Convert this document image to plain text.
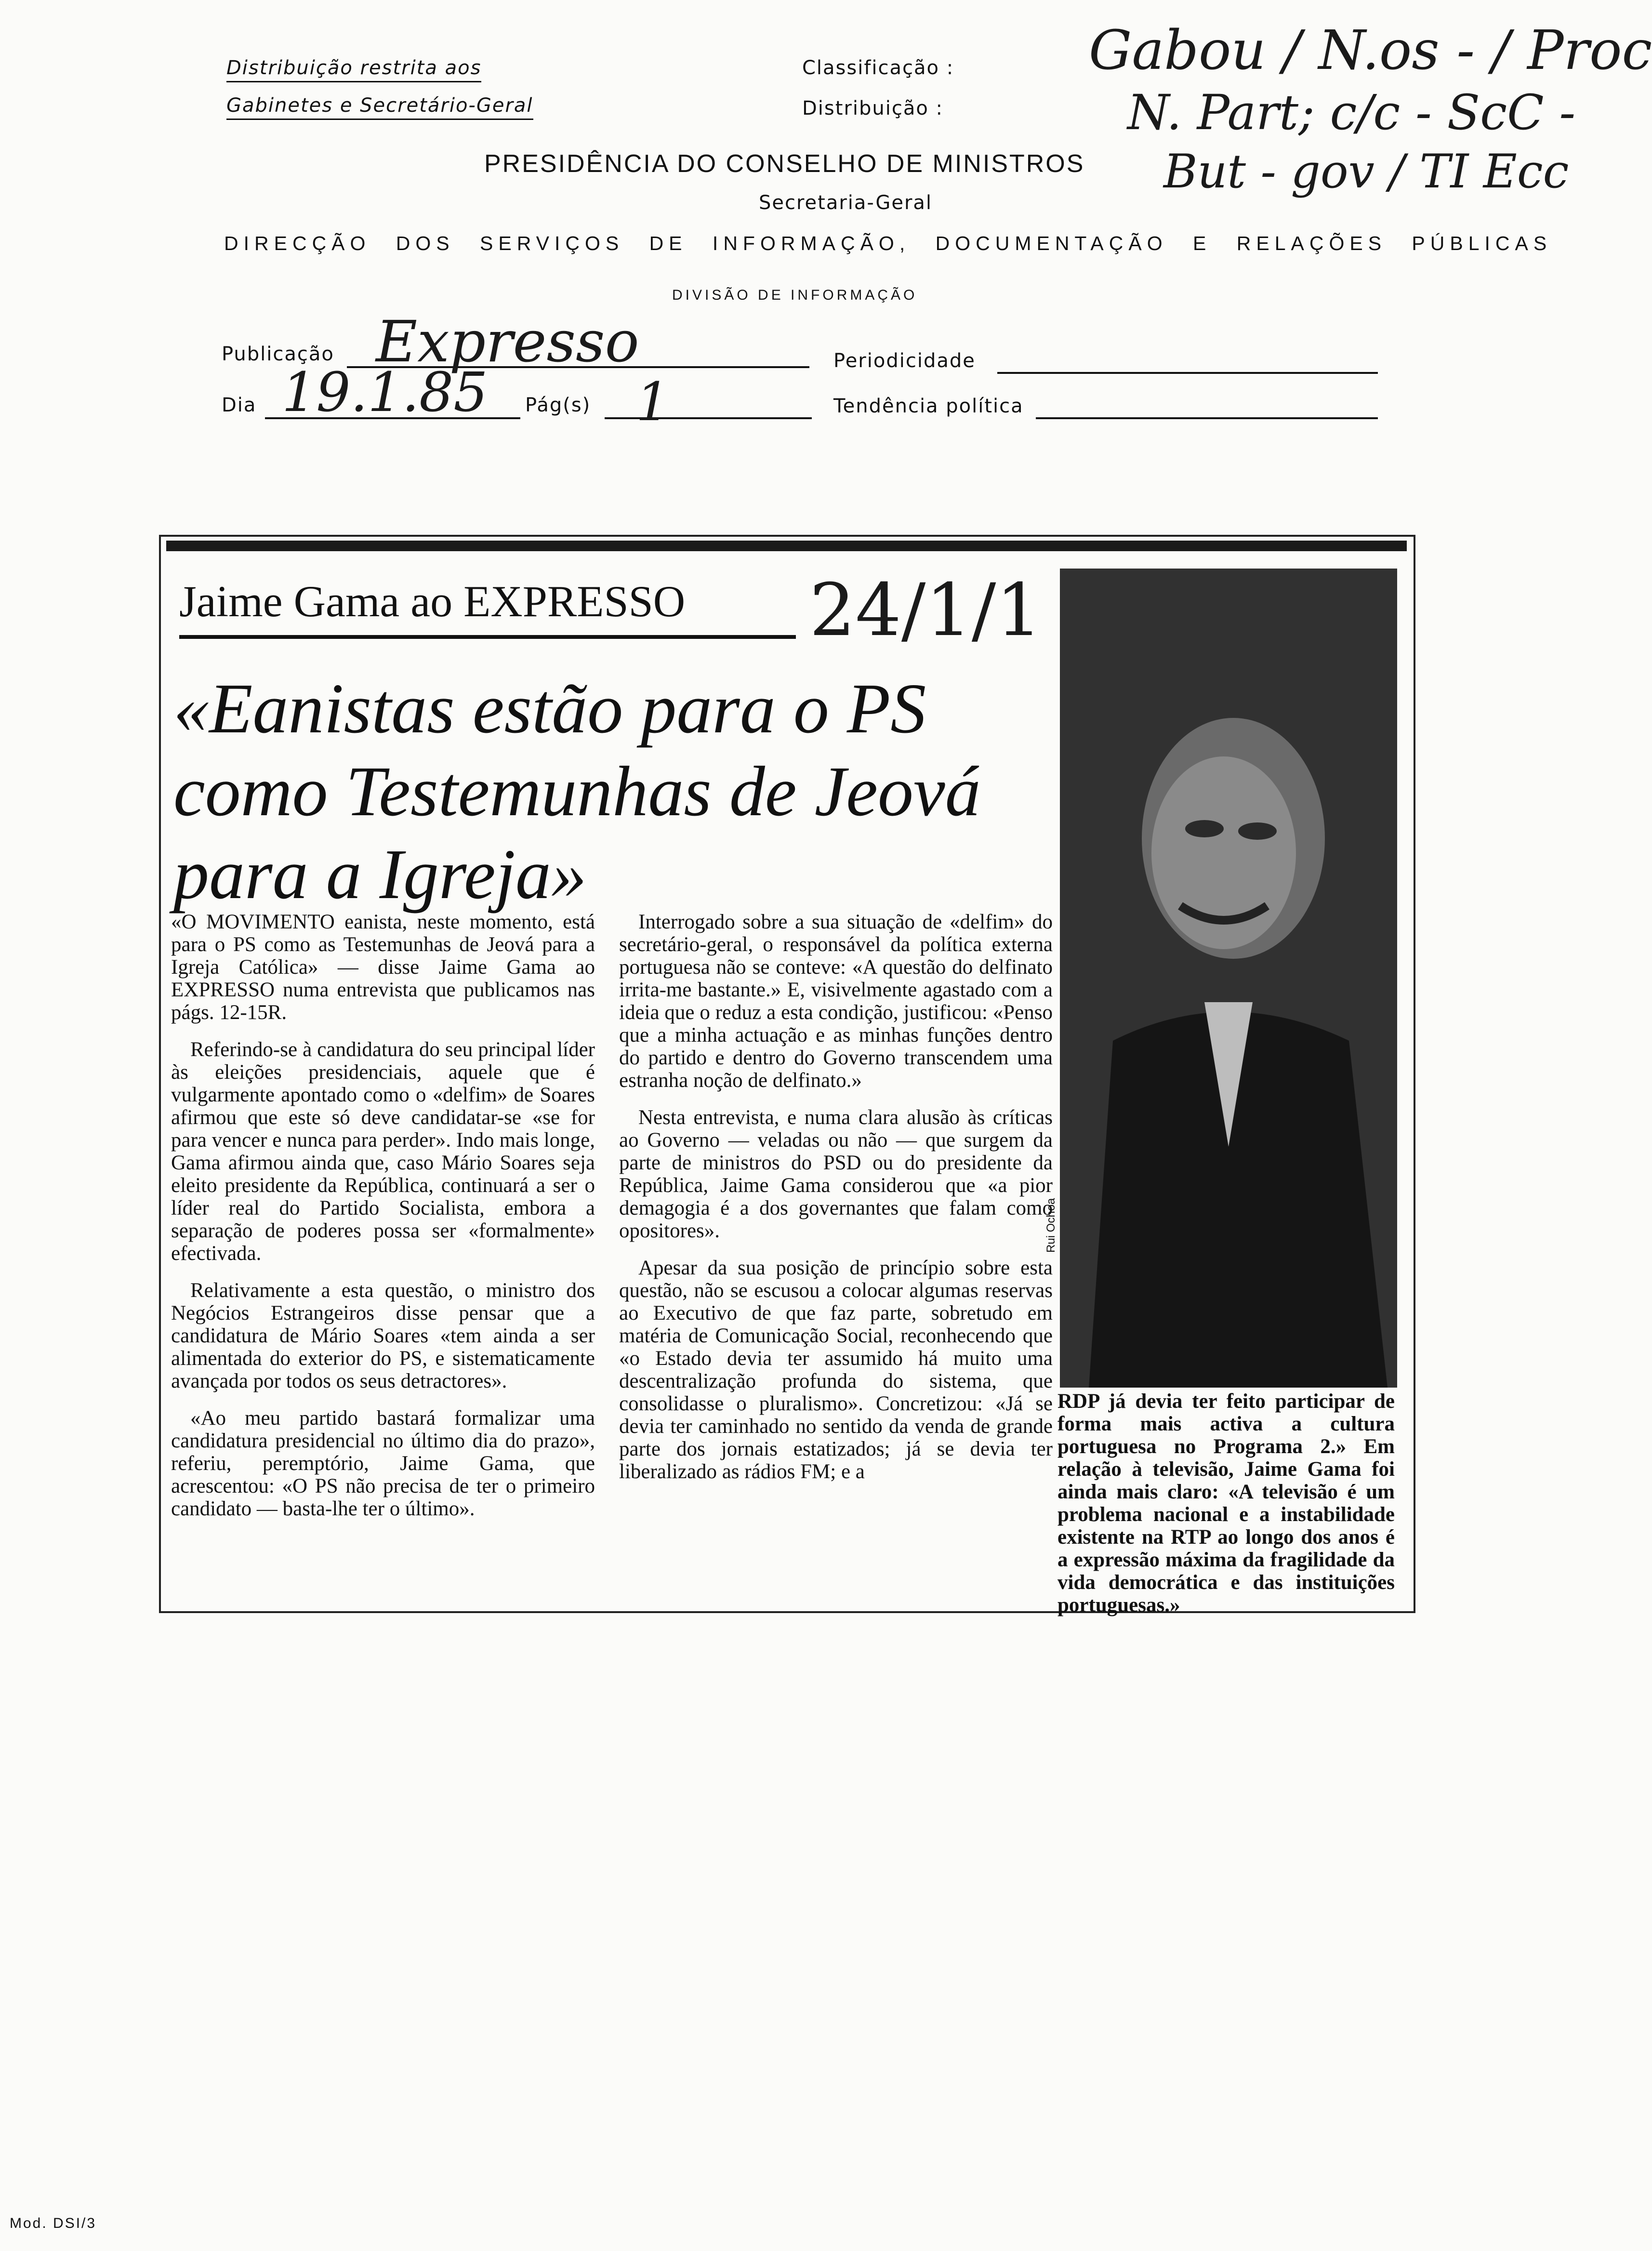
Distribuição restrita aos
Gabinetes e Secretário-Geral
Classificação :
Distribuição :
PRESIDÊNCIA DO CONSELHO DE MINISTROS
Secretaria-Geral
DIRECÇÃO DOS SERVIÇOS DE INFORMAÇÃO, DOCUMENTAÇÃO E RELAÇÕES PÚBLICAS
DIVISÃO DE INFORMAÇÃO
Gabou / N.os - / Proc
N. Part; c/c - ScC -
But - gov / TI Ecc
Publicação Expresso	Periodicidade
Dia 19.1.85 Pág(s) 1	Tendência política
Jaime Gama ao EXPRESSO 24/1/1
«Eanistas estão para o PS
como Testemunhas de Jeová
para a Igreja»
Rui Ochoa

«O MOVIMENTO eanista, neste momento, está para o PS como as Testemunhas de Jeová para a Igreja Católica» — disse Jaime Gama ao EXPRESSO numa entrevista que publicamos nas págs. 12-15R.

Referindo-se à candidatura do seu principal líder às eleições presidenciais, aquele que é vulgarmente apontado como o «delfim» de Soares afirmou que este só deve candidatar-se «se for para vencer e nunca para perder». Indo mais longe, Gama afirmou ainda que, caso Mário Soares seja eleito presidente da República, continuará a ser o líder real do Partido Socialista, embora a separação de poderes possa ser «formalmente» efectivada.

Relativamente a esta questão, o ministro dos Negócios Estrangeiros disse pensar que a candidatura de Mário Soares «tem ainda a ser alimentada do exterior do PS, e sistematicamente avançada por todos os seus detractores».

«Ao meu partido bastará formalizar uma candidatura presidencial no último dia do prazo», referiu, peremptório, Jaime Gama, que acrescentou: «O PS não precisa de ter o primeiro candidato — basta-lhe ter o último».

Interrogado sobre a sua situação de «delfim» do secretário-geral, o responsável da política externa portuguesa não se conteve: «A questão do delfinato irrita-me bastante.» E, visivelmente agastado com a ideia que o reduz a esta condição, justificou: «Penso que a minha actuação e as minhas funções dentro do partido e dentro do Governo transcendem uma estranha noção de delfinato.»

Nesta entrevista, e numa clara alusão às críticas ao Governo — veladas ou não — que surgem da parte de ministros do PSD ou do presidente da República, Jaime Gama considerou que «a pior demagogia é a dos governantes que falam como opositores».

Apesar da sua posição de princípio sobre esta questão, não se escusou a colocar algumas reservas ao Executivo de que faz parte, sobretudo em matéria de Comunicação Social, reconhecendo que «o Estado devia ter assumido há muito uma descentralização profunda do sistema, que consolidasse o pluralismo». Concretizou: «Já se devia ter caminhado no sentido da venda de grande parte dos jornais estatizados; já se devia ter liberalizado as rádios FM; e a

RDP já devia ter feito participar de forma mais activa a cultura portuguesa no Programa 2.» Em relação à televisão, Jaime Gama foi ainda mais claro: «A televisão é um problema nacional e a instabilidade existente na RTP ao longo dos anos é a expressão máxima da fragilidade da vida democrática e das instituições portuguesas.»

Mod. DSI/3
